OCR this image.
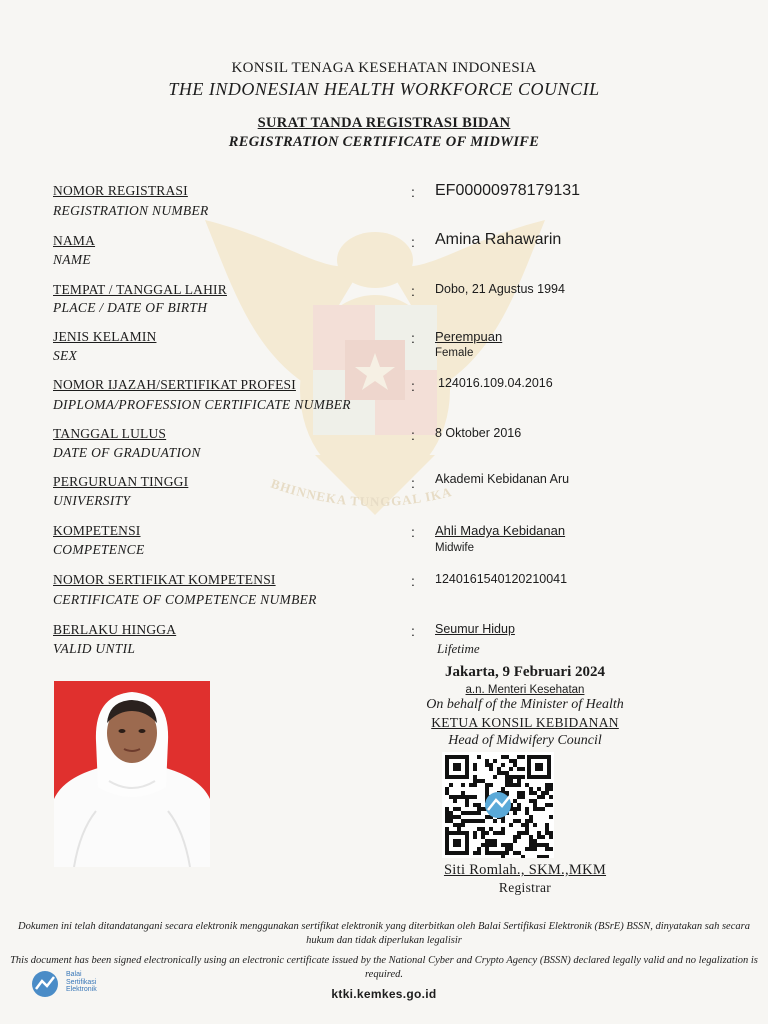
BHINNEKA TUNGGAL IKA
KONSIL TENAGA KESEHATAN INDONESIA
THE INDONESIAN HEALTH WORKFORCE COUNCIL
SURAT TANDA REGISTRASI BIDAN
REGISTRATION CERTIFICATE OF MIDWIFE
NOMOR REGISTRASI
REGISTRATION NUMBER
: EF00000978179131
NAMA
NAME
: Amina Rahawarin
TEMPAT / TANGGAL LAHIR
PLACE / DATE OF BIRTH
: Dobo, 21 Agustus 1994
JENIS KELAMIN
SEX
: Perempuan
Female
NOMOR IJAZAH/SERTIFIKAT PROFESI
DIPLOMA/PROFESSION CERTIFICATE NUMBER
: 124016.109.04.2016
TANGGAL LULUS
DATE OF GRADUATION
: 8 Oktober 2016
PERGURUAN TINGGI
UNIVERSITY
: Akademi Kebidanan Aru
KOMPETENSI
COMPETENCE
: Ahli Madya Kebidanan
Midwife
NOMOR SERTIFIKAT KOMPETENSI
CERTIFICATE OF COMPETENCE NUMBER
: 1240161540120210041
BERLAKU HINGGA
VALID UNTIL
: Seumur Hidup
Lifetime
Jakarta, 9 Februari 2024
a.n. Menteri Kesehatan
On behalf of the Minister of Health
KETUA KONSIL KEBIDANAN
Head of Midwifery Council
Siti Romlah., SKM.,MKM
Registrar
Dokumen ini telah ditandatangani secara elektronik menggunakan sertifikat elektronik yang diterbitkan oleh Balai Sertifikasi Elektronik (BSrE) BSSN, dinyatakan sah secara hukum dan tidak diperlukan legalisir
This document has been signed electronically using an electronic certificate issued by the National Cyber and Crypto Agency (BSSN) declared legally valid and no legalization is required.
Balai
Sertifikasi
Elektronik	ktki.kemkes.go.id
